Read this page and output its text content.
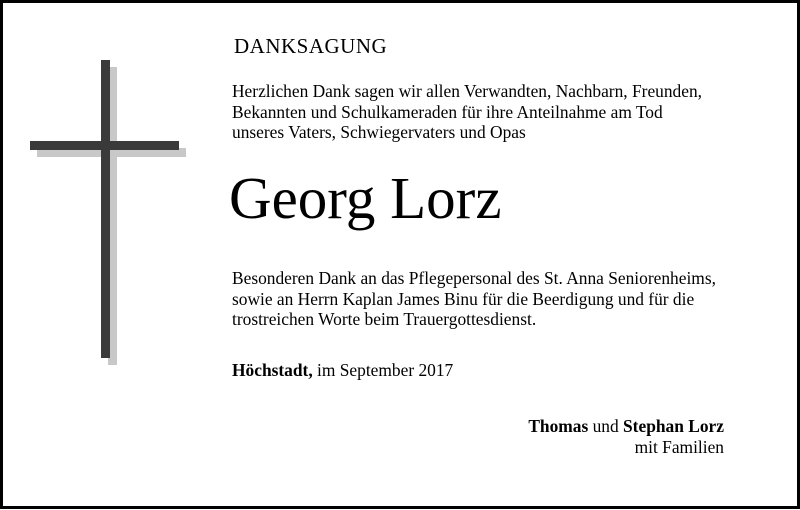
DANKSAGUNG
Herzlichen Dank sagen wir allen Verwandten, Nachbarn, Freunden,
Bekannten und Schulkameraden für ihre Anteilnahme am Tod
unseres Vaters, Schwiegervaters und Opas
Georg Lorz
Besonderen Dank an das Pflegepersonal des St. Anna Seniorenheims,
sowie an Herrn Kaplan James Binu für die Beerdigung und für die
trostreichen Worte beim Trauergottesdienst.
Höchstadt, im September 2017
Thomas und Stephan Lorz
mit Familien
